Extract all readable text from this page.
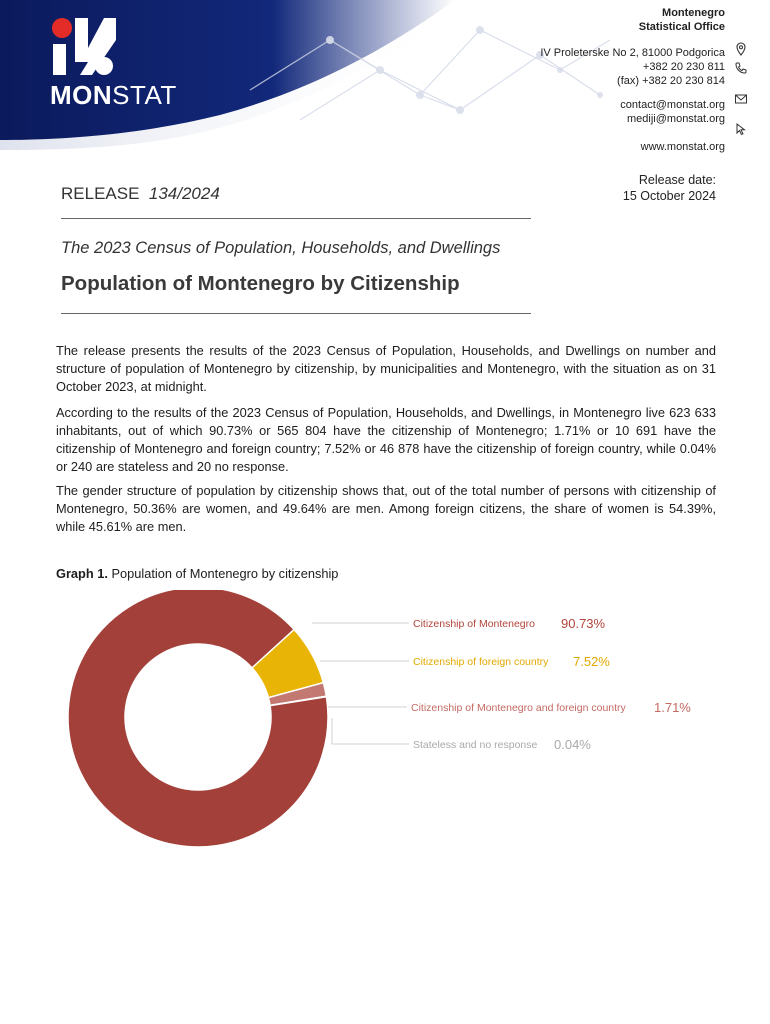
MONSTAT
Montenegro
Statistical Office
IV Proleterske No 2, 81000 Podgorica
+382 20 230 811
(fax) +382 20 230 814
contact@monstat.org
mediji@monstat.org
www.monstat.org
RELEASE 134/2024
Release date:
15 October 2024
The 2023 Census of Population, Households, and Dwellings
Population of Montenegro by Citizenship
The release presents the results of the 2023 Census of Population, Households, and Dwellings on number and structure of population of Montenegro by citizenship, by municipalities and Montenegro, with the situation as on 31 October 2023, at midnight.
According to the results of the 2023 Census of Population, Households, and Dwellings, in Montenegro live 623 633 inhabitants, out of which 90.73% or 565 804 have the citizenship of Montenegro; 1.71% or 10 691 have the citizenship of Montenegro and foreign country; 7.52% or 46 878 have the citizenship of foreign country, while 0.04% or 240 are stateless and 20 no response.
The gender structure of population by citizenship shows that, out of the total number of persons with citizenship of Montenegro, 50.36% are women, and 49.64% are men. Among foreign citizens, the share of women is 54.39%, while 45.61% are men.
Graph 1. Population of Montenegro by citizenship
Citizenship of Montenegro 90.73%
Citizenship of foreign country 7.52%
Citizenship of Montenegro and foreign country 1.71%
Stateless and no response 0.04%
